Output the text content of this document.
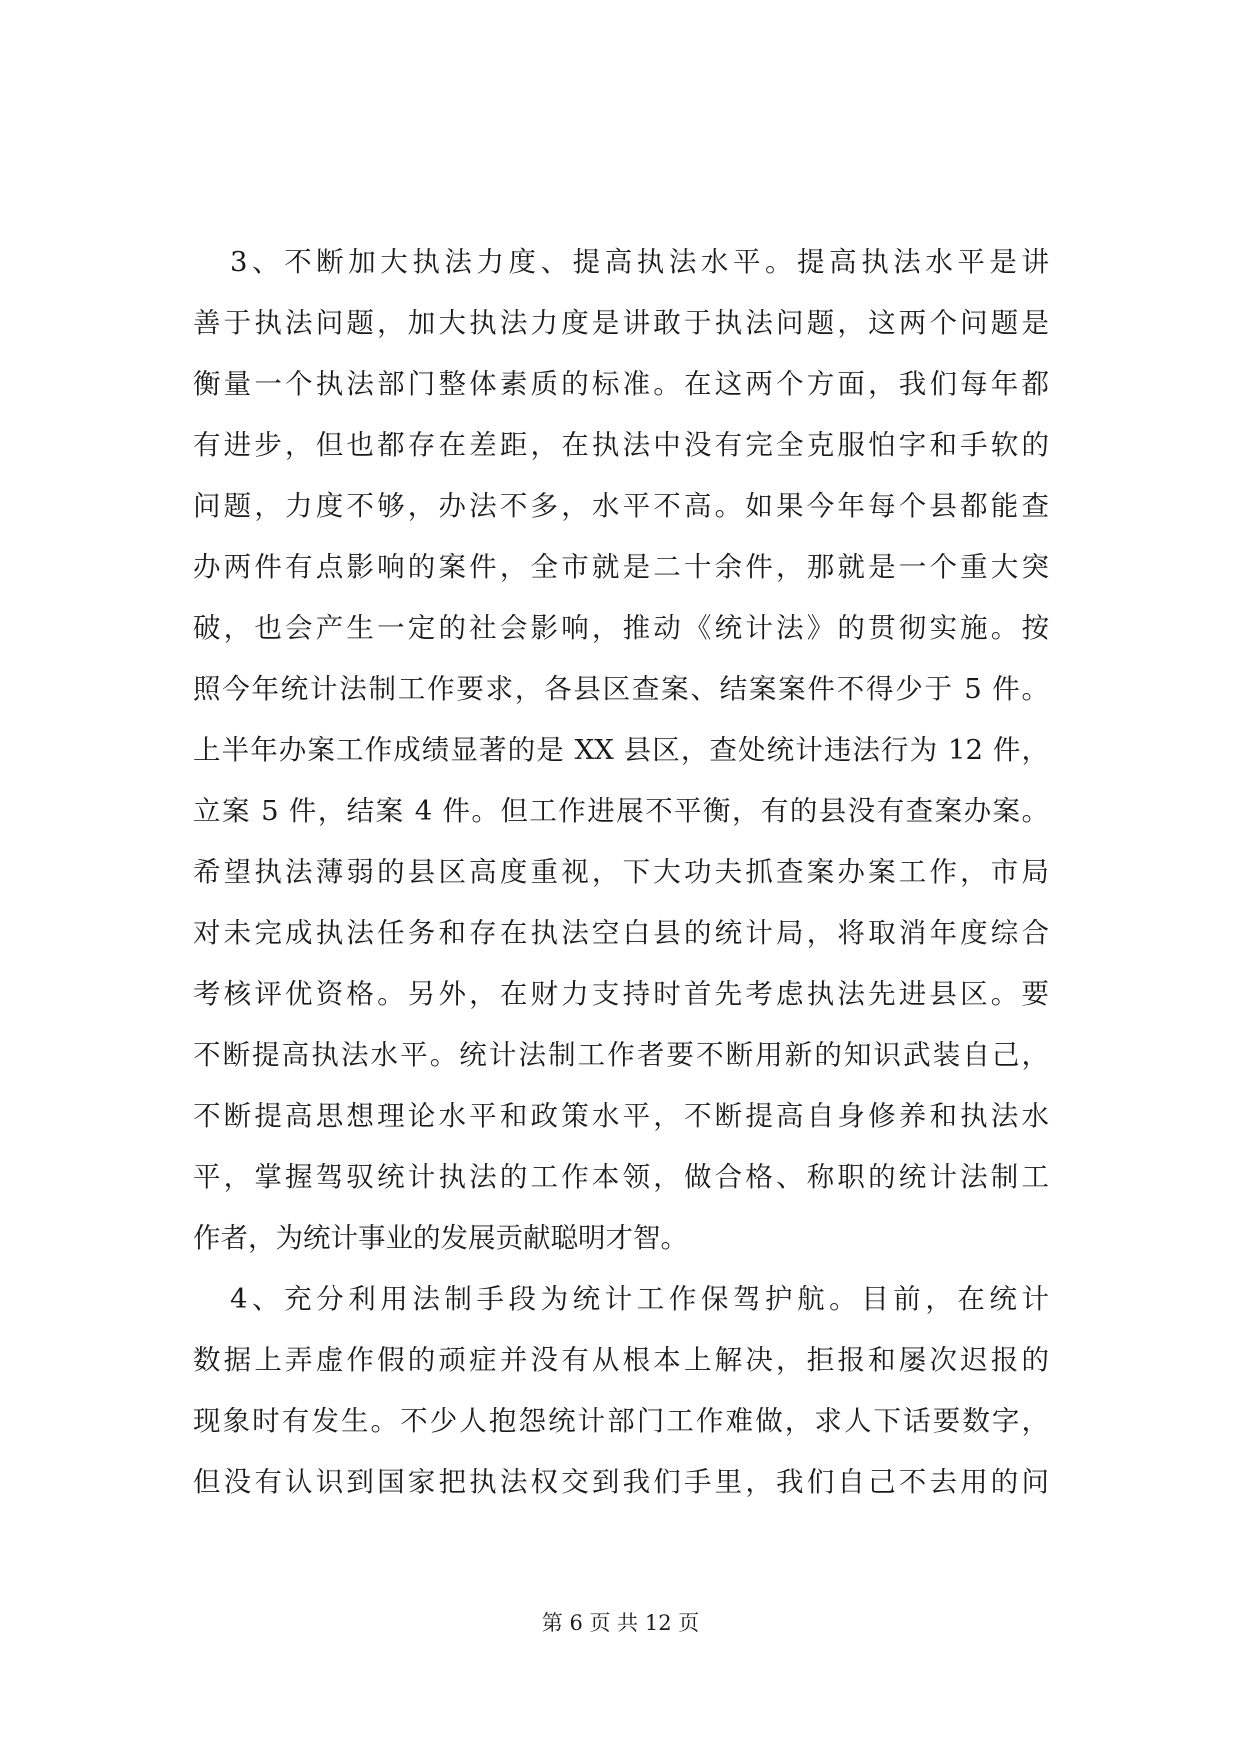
3、不断加大执法力度、提高执法水平。提高执法水平是讲
善于执法问题，加大执法力度是讲敢于执法问题，这两个问题是
衡量一个执法部门整体素质的标准。在这两个方面，我们每年都
有进步，但也都存在差距，在执法中没有完全克服怕字和手软的
问题，力度不够，办法不多，水平不高。如果今年每个县都能查
办两件有点影响的案件，全市就是二十余件，那就是一个重大突
破，也会产生一定的社会影响，推动《统计法》的贯彻实施。按
照今年统计法制工作要求，各县区查案、结案案件不得少于 5 件。
上半年办案工作成绩显著的是 XX 县区，查处统计违法行为 12 件，
立案 5 件，结案 4 件。但工作进展不平衡，有的县没有查案办案。
希望执法薄弱的县区高度重视，下大功夫抓查案办案工作，市局
对未完成执法任务和存在执法空白县的统计局，将取消年度综合
考核评优资格。另外，在财力支持时首先考虑执法先进县区。要
不断提高执法水平。统计法制工作者要不断用新的知识武装自己，
不断提高思想理论水平和政策水平，不断提高自身修养和执法水
平，掌握驾驭统计执法的工作本领，做合格、称职的统计法制工
作者，为统计事业的发展贡献聪明才智。
4、充分利用法制手段为统计工作保驾护航。目前，在统计
数据上弄虚作假的顽症并没有从根本上解决，拒报和屡次迟报的
现象时有发生。不少人抱怨统计部门工作难做，求人下话要数字，
但没有认识到国家把执法权交到我们手里，我们自己不去用的问
第 6 页 共 12 页
